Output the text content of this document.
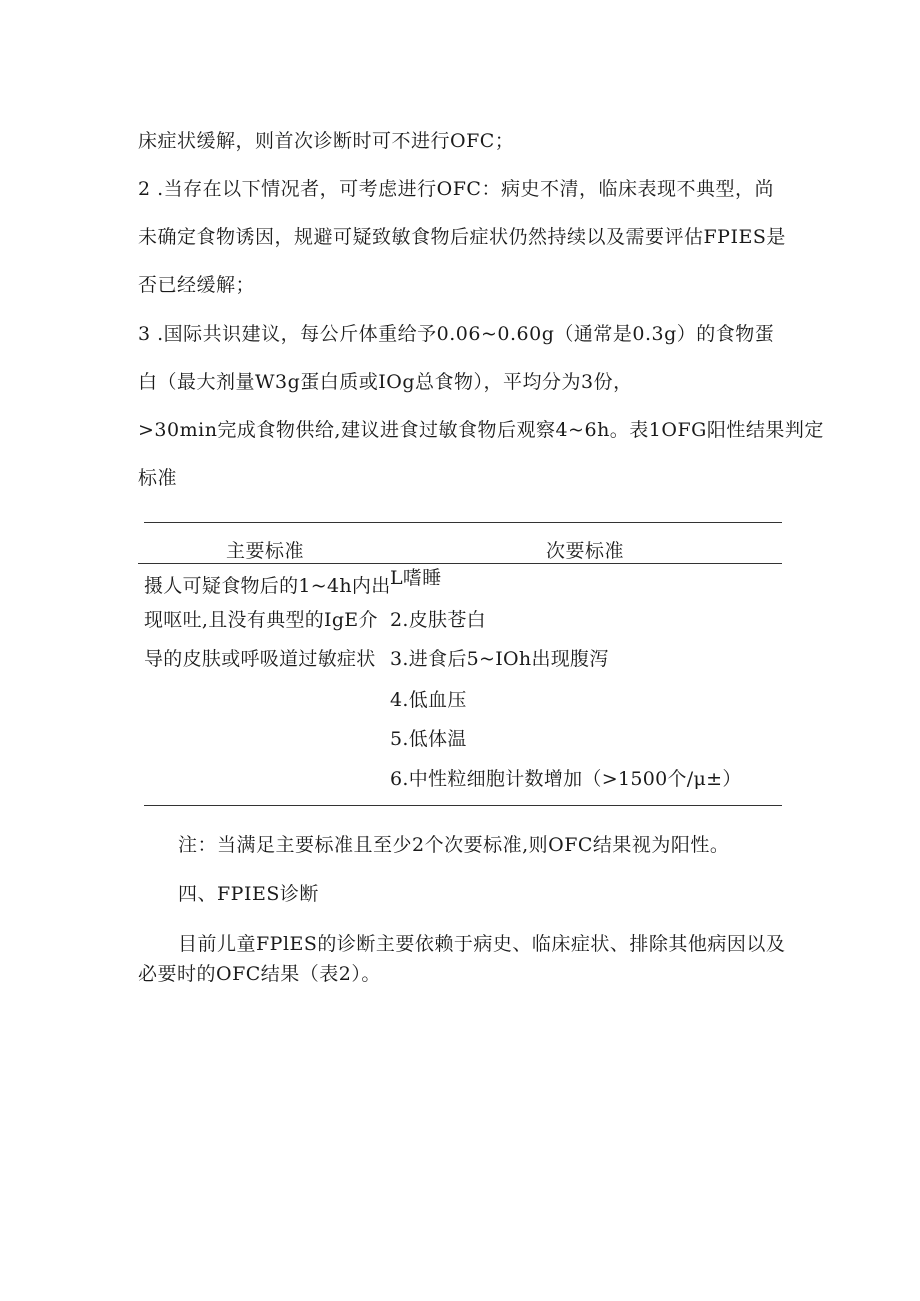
床症状缓解，则首次诊断时可不进行OFC；
2 .当存在以下情况者，可考虑进行OFC：病史不清，临床表现不典型，尚
未确定食物诱因，规避可疑致敏食物后症状仍然持续以及需要评估FPIES是
否已经缓解；
3 .国际共识建议，每公斤体重给予0.06~0.60g（通常是0.3g）的食物蛋
白（最大剂量W3g蛋白质或IOg总食物），平均分为3份，
>30min完成食物供给,建议进食过敏食物后观察4~6h。表1OFG阳性结果判定
标准
主要标准	次要标准
摄人可疑食物后的1~4h内出
现呕吐,且没有典型的IgE介
导的皮肤或呼吸道过敏症状
L嗜睡
2.皮肤苍白
3.进食后5~IOh出现腹泻
4.低血压
5.低体温
6.中性粒细胞计数增加（>1500个/μ±）
注：当满足主要标准且至少2个次要标准,则OFC结果视为阳性。
四、FPIES诊断
目前儿童FPlES的诊断主要依赖于病史、临床症状、排除其他病因以及
必要时的OFC结果（表2）。
